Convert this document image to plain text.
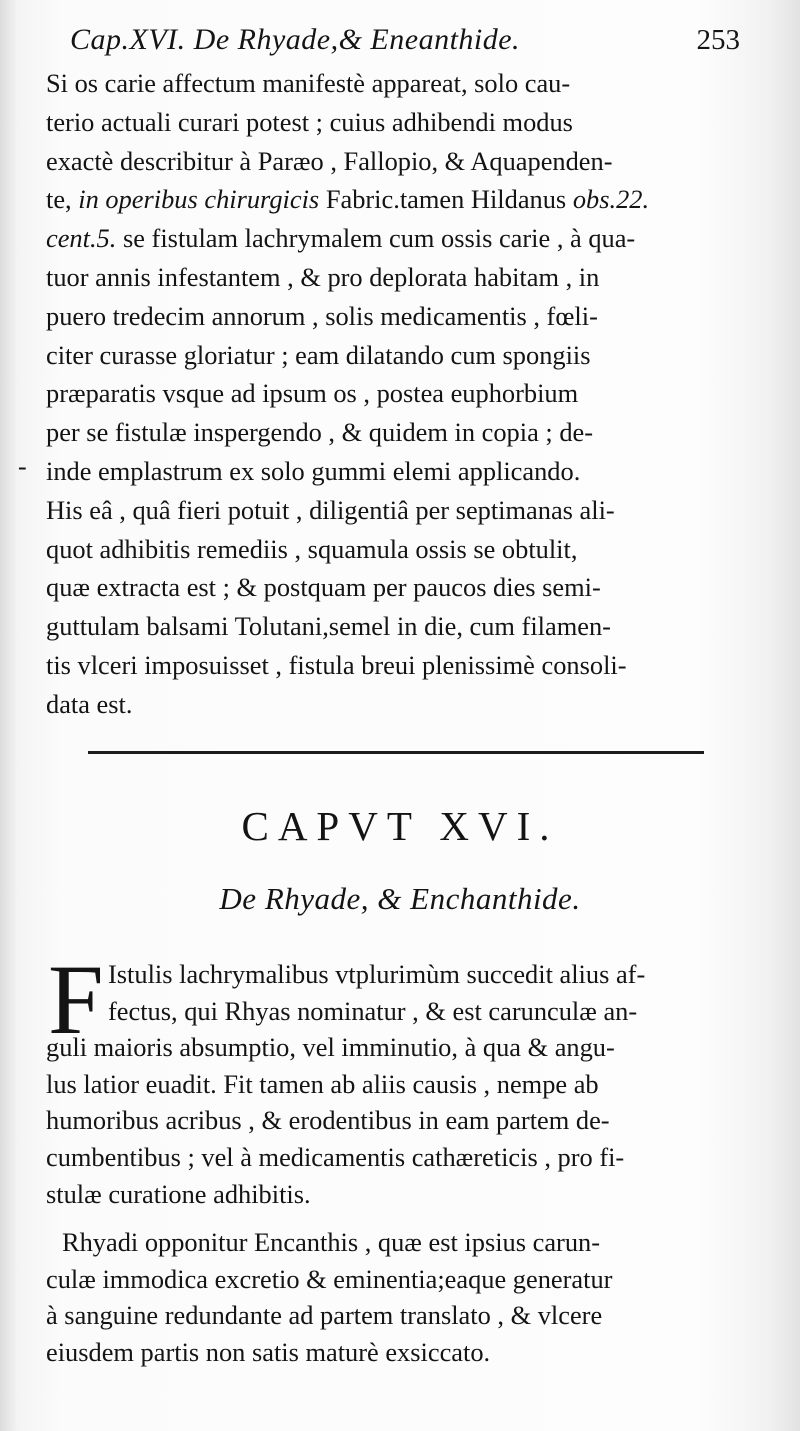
Cap.XVI. De Rhyade,& Eneanthide.	253
-
Si os carie affectum manifestè appareat, solo cau-
terio actuali curari potest ; cuius adhibendi modus
exactè describitur à Paræo , Fallopio, & Aquapenden-
te, in operibus chirurgicis Fabric.tamen Hildanus obs.22.
cent.5. se fistulam lachrymalem cum ossis carie , à qua-
tuor annis infestantem , & pro deplorata habitam , in
puero tredecim annorum , solis medicamentis , fœli-
citer curasse gloriatur ; eam dilatando cum spongiis
præparatis vsque ad ipsum os , postea euphorbium
per se fistulæ inspergendo , & quidem in copia ; de-
inde emplastrum ex solo gummi elemi applicando.
His eâ , quâ fieri potuit , diligentiâ per septimanas ali-
quot adhibitis remediis , squamula ossis se obtulit,
quæ extracta est ; & postquam per paucos dies semi-
guttulam balsami Tolutani,semel in die, cum filamen-
tis vlceri imposuisset , fistula breui plenissimè consoli-
data est.
CAPVT XVI.
De Rhyade, & Enchanthide.
F Istulis lachrymalibus vtplurimùm succedit alius af-
fectus, qui Rhyas nominatur , & est carunculæ an-
guli maioris absumptio, vel imminutio, à qua & angu-
lus latior euadit. Fit tamen ab aliis causis , nempe ab
humoribus acribus , & erodentibus in eam partem de-
cumbentibus ; vel à medicamentis cathæreticis , pro fi-
stulæ curatione adhibitis.
Rhyadi opponitur Encanthis , quæ est ipsius carun-
culæ immodica excretio & eminentia;eaque generatur
à sanguine redundante ad partem translato , & vlcere
eiusdem partis non satis maturè exsiccato.
